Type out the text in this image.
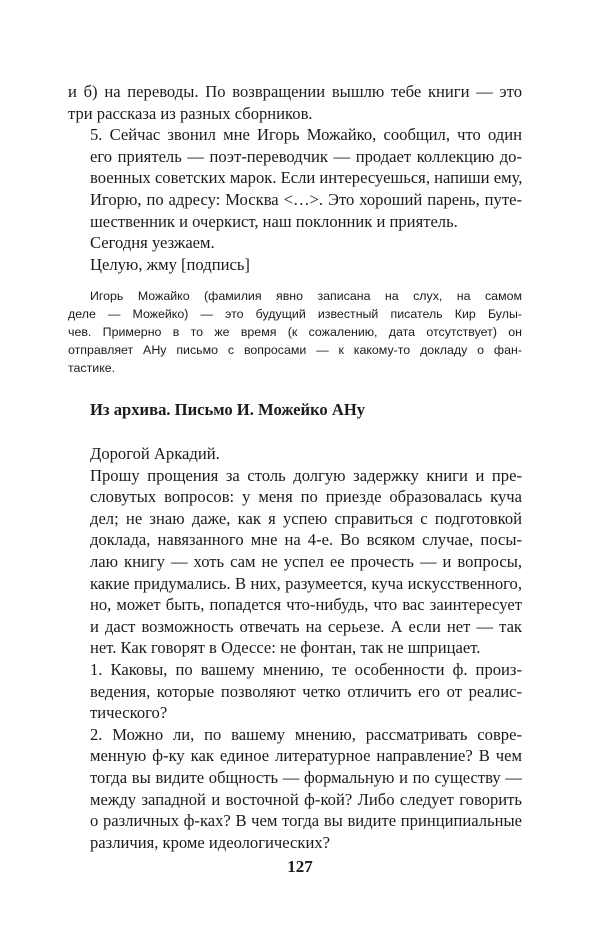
и б) на переводы. По возвращении вышлю тебе книги — это
три рассказа из разных сборников.

5. Сейчас звонил мне Игорь Можайко, сообщил, что один
его приятель — поэт-переводчик — продает коллекцию до-
военных советских марок. Если интересуешься, напиши ему,
Игорю, по адресу: Москва <…>. Это хороший парень, путе-
шественник и очеркист, наш поклонник и приятель.

Сегодня уезжаем.

Целую, жму [подпись]

Игорь Можайко (фамилия явно записана на слух, на самом
деле — Можейко) — это будущий известный писатель Кир Булы-
чев. Примерно в то же время (к сожалению, дата отсутствует) он
отправляет АНу письмо с вопросами — к какому-то докладу о фан-
тастике.
Из архива. Письмо И. Можейко АНу

Дорогой Аркадий.

Прошу прощения за столь долгую задержку книги и пре-
словутых вопросов: у меня по приезде образовалась куча
дел; не знаю даже, как я успею справиться с подготовкой
доклада, навязанного мне на 4-е. Во всяком случае, посы-
лаю книгу — хоть сам не успел ее прочесть — и вопросы,
какие придумались. В них, разумеется, куча искусственного,
но, может быть, попадется что-нибудь, что вас заинтересует
и даст возможность отвечать на серьезе. А если нет — так
нет. Как говорят в Одессе: не фонтан, так не шприцает.

1. Каковы, по вашему мнению, те особенности ф. произ-
ведения, которые позволяют четко отличить его от реалис-
тического?

2. Можно ли, по вашему мнению, рассматривать совре-
менную ф-ку как единое литературное направление? В чем
тогда вы видите общность — формальную и по существу —
между западной и восточной ф-кой? Либо следует говорить
о различных ф-ках? В чем тогда вы видите принципиальные
различия, кроме идеологических?

127
